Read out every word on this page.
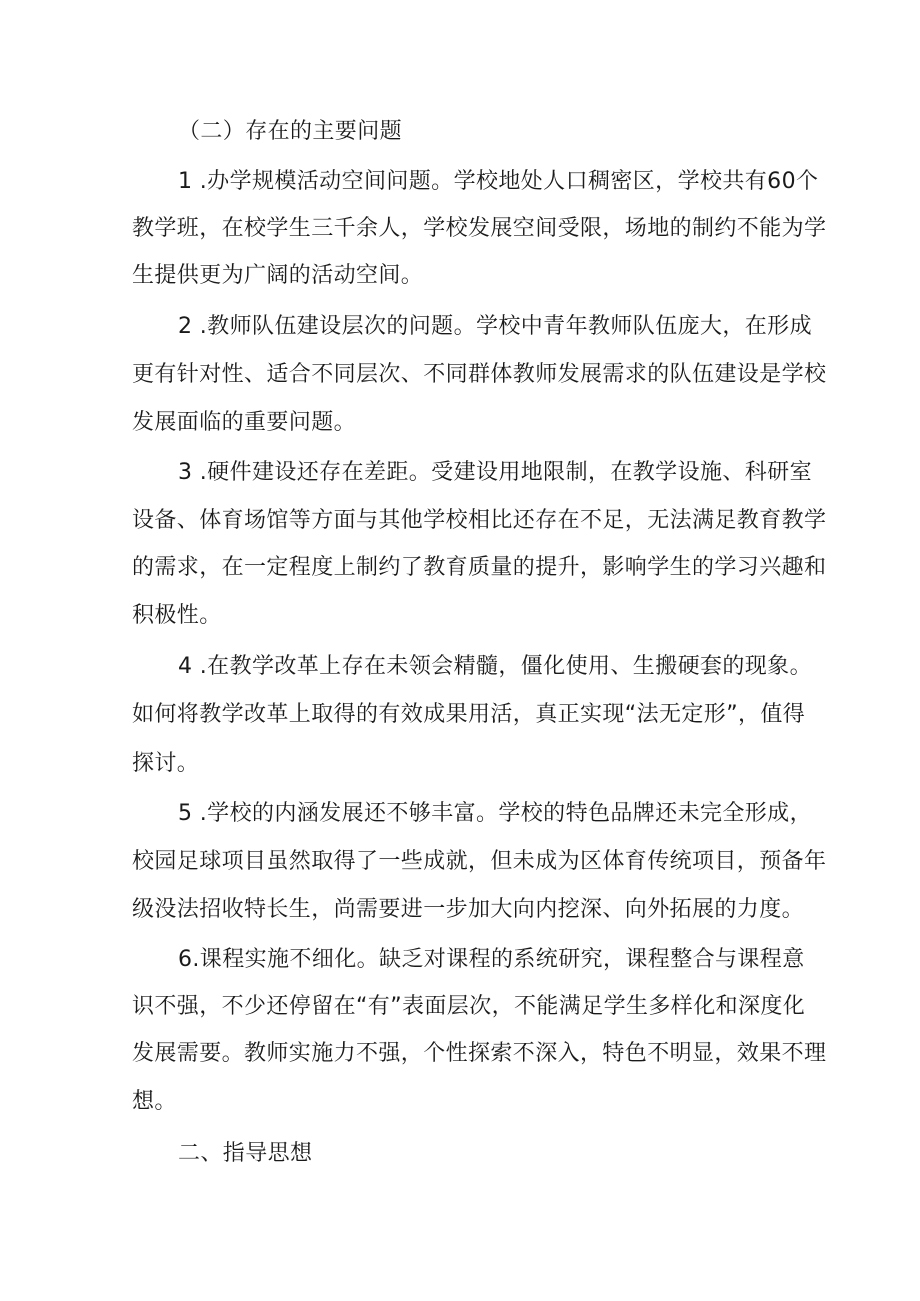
（二）存在的主要问题
1 .办学规模活动空间问题。学校地处人口稠密区，学校共有60个
教学班，在校学生三千余人，学校发展空间受限，场地的制约不能为学
生提供更为广阔的活动空间。
2 .教师队伍建设层次的问题。学校中青年教师队伍庞大，在形成
更有针对性、适合不同层次、不同群体教师发展需求的队伍建设是学校
发展面临的重要问题。
3 .硬件建设还存在差距。受建设用地限制，在教学设施、科研室
设备、体育场馆等方面与其他学校相比还存在不足，无法满足教育教学
的需求，在一定程度上制约了教育质量的提升，影响学生的学习兴趣和
积极性。
4 .在教学改革上存在未领会精髓，僵化使用、生搬硬套的现象。
如何将教学改革上取得的有效成果用活，真正实现“法无定形”，值得
探讨。
5 .学校的内涵发展还不够丰富。学校的特色品牌还未完全形成，
校园足球项目虽然取得了一些成就，但未成为区体育传统项目，预备年
级没法招收特长生，尚需要进一步加大向内挖深、向外拓展的力度。
6.课程实施不细化。缺乏对课程的系统研究，课程整合与课程意
识不强，不少还停留在“有”表面层次，不能满足学生多样化和深度化
发展需要。教师实施力不强，个性探索不深入，特色不明显，效果不理
想。
二、指导思想
